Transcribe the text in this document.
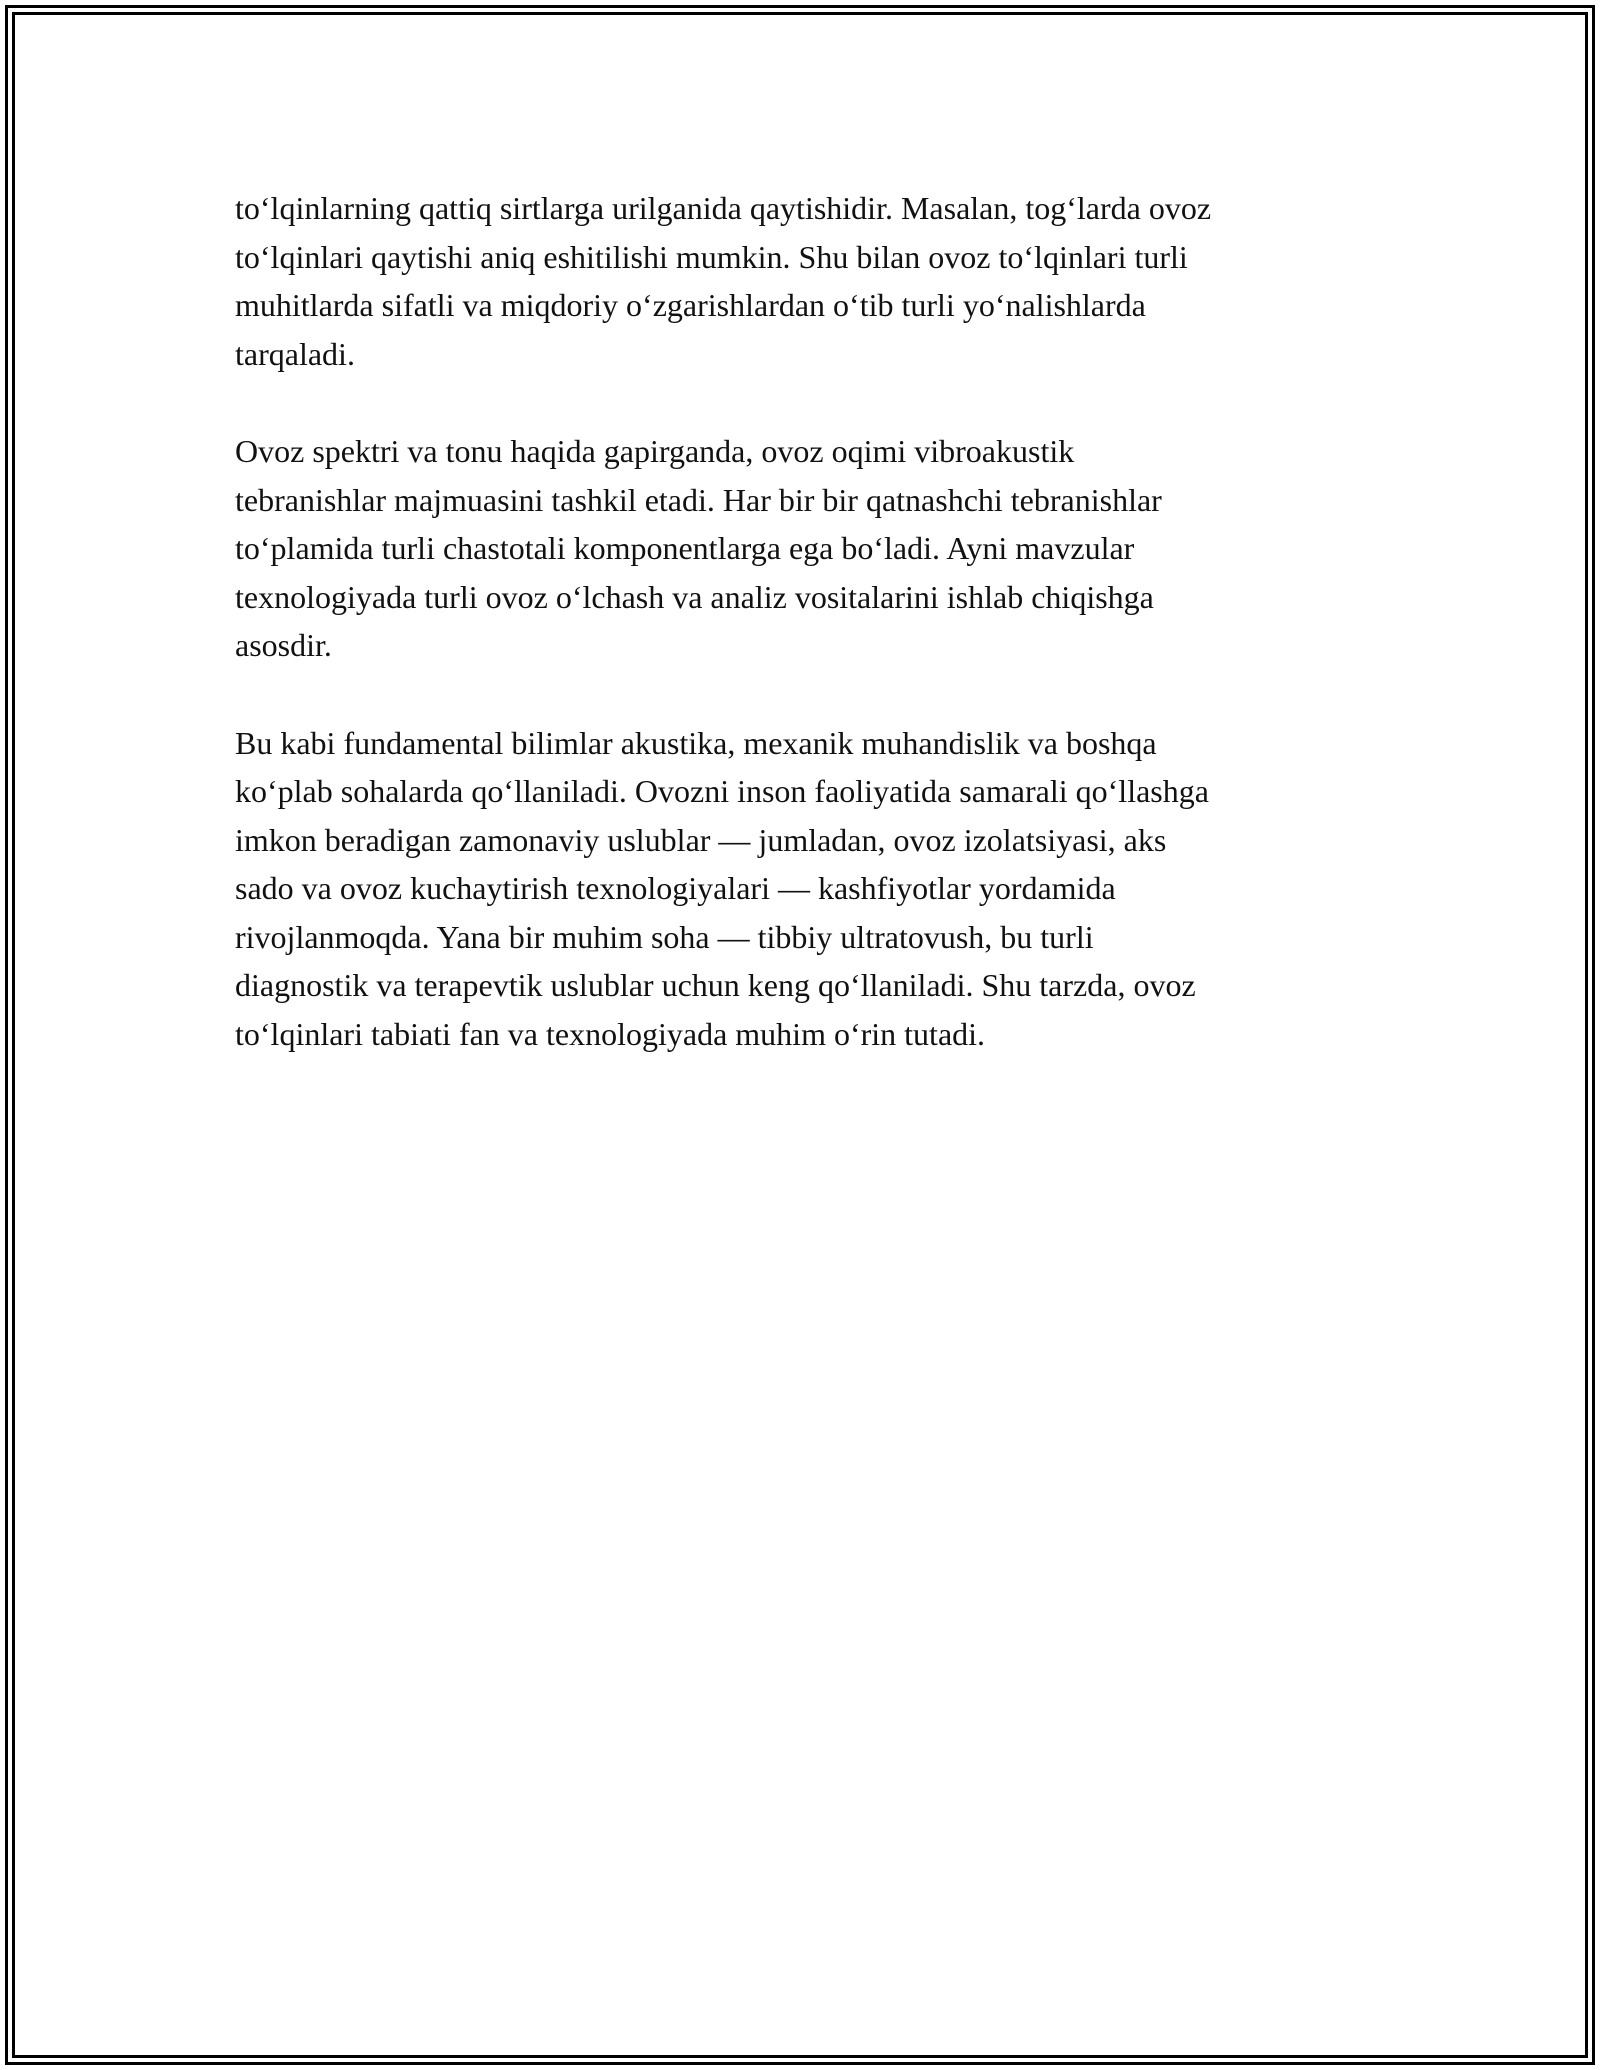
to‘lqinlarning qattiq sirtlarga urilganida qaytishidir. Masalan, tog‘larda ovoz
to‘lqinlari qaytishi aniq eshitilishi mumkin. Shu bilan ovoz to‘lqinlari turli
muhitlarda sifatli va miqdoriy o‘zgarishlardan o‘tib turli yo‘nalishlarda
tarqaladi.

Ovoz spektri va tonu haqida gapirganda, ovoz oqimi vibroakustik
tebranishlar majmuasini tashkil etadi. Har bir bir qatnashchi tebranishlar
to‘plamida turli chastotali komponentlarga ega bo‘ladi. Ayni mavzular
texnologiyada turli ovoz o‘lchash va analiz vositalarini ishlab chiqishga
asosdir.

Bu kabi fundamental bilimlar akustika, mexanik muhandislik va boshqa
ko‘plab sohalarda qo‘llaniladi. Ovozni inson faoliyatida samarali qo‘llashga
imkon beradigan zamonaviy uslublar — jumladan, ovoz izolatsiyasi, aks
sado va ovoz kuchaytirish texnologiyalari — kashfiyotlar yordamida
rivojlanmoqda. Yana bir muhim soha — tibbiy ultratovush, bu turli
diagnostik va terapevtik uslublar uchun keng qo‘llaniladi. Shu tarzda, ovoz
to‘lqinlari tabiati fan va texnologiyada muhim o‘rin tutadi.
